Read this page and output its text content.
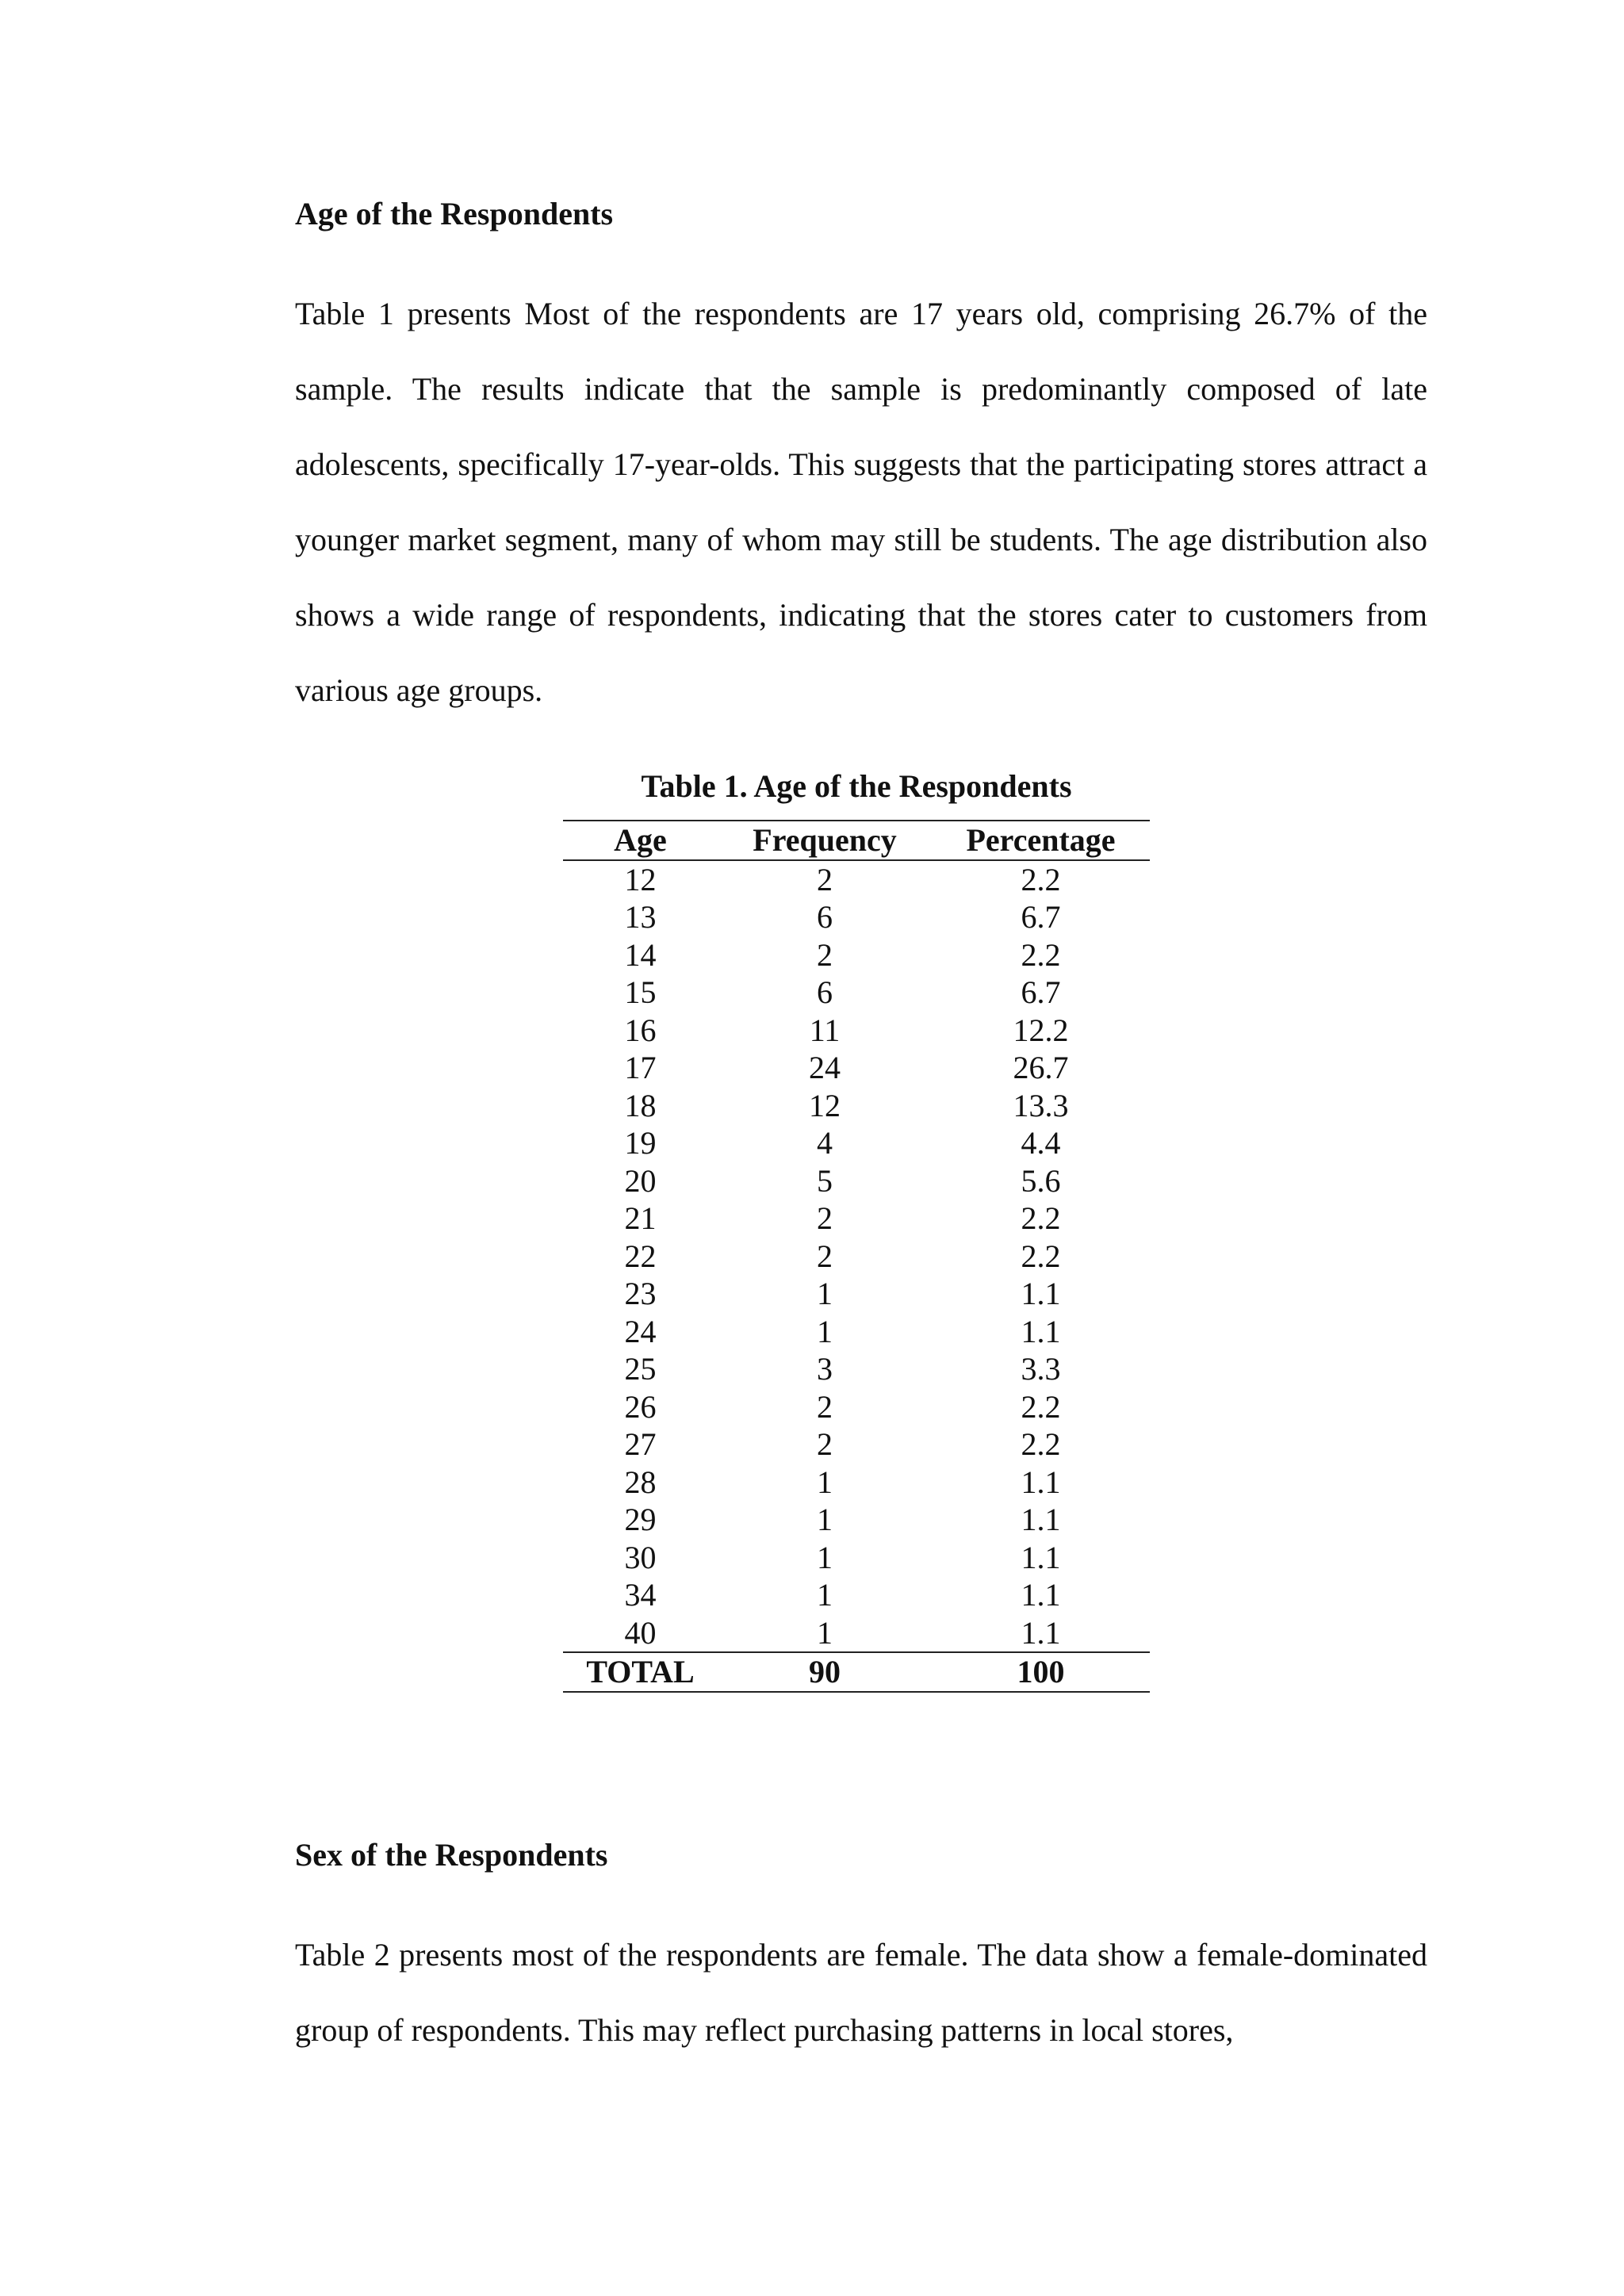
Age of the Respondents

Table 1 presents Most of the respondents are 17 years old, comprising 26.7% of the sample. The results indicate that the sample is predominantly composed of late adolescents, specifically 17-year-olds. This suggests that the participating stores attract a younger market segment, many of whom may still be students. The age distribution also shows a wide range of respondents, indicating that the stores cater to customers from various age groups.

Table 1. Age of the Respondents

Age	Frequency	Percentage
12	2	2.2
13	6	6.7
14	2	2.2
15	6	6.7
16	11	12.2
17	24	26.7
18	12	13.3
19	4	4.4
20	5	5.6
21	2	2.2
22	2	2.2
23	1	1.1
24	1	1.1
25	3	3.3
26	2	2.2
27	2	2.2
28	1	1.1
29	1	1.1
30	1	1.1
34	1	1.1
40	1	1.1
TOTAL	90	100
Sex of the Respondents

Table 2 presents most of the respondents are female. The data show a female-dominated group of respondents. This may reflect purchasing patterns in local stores,
